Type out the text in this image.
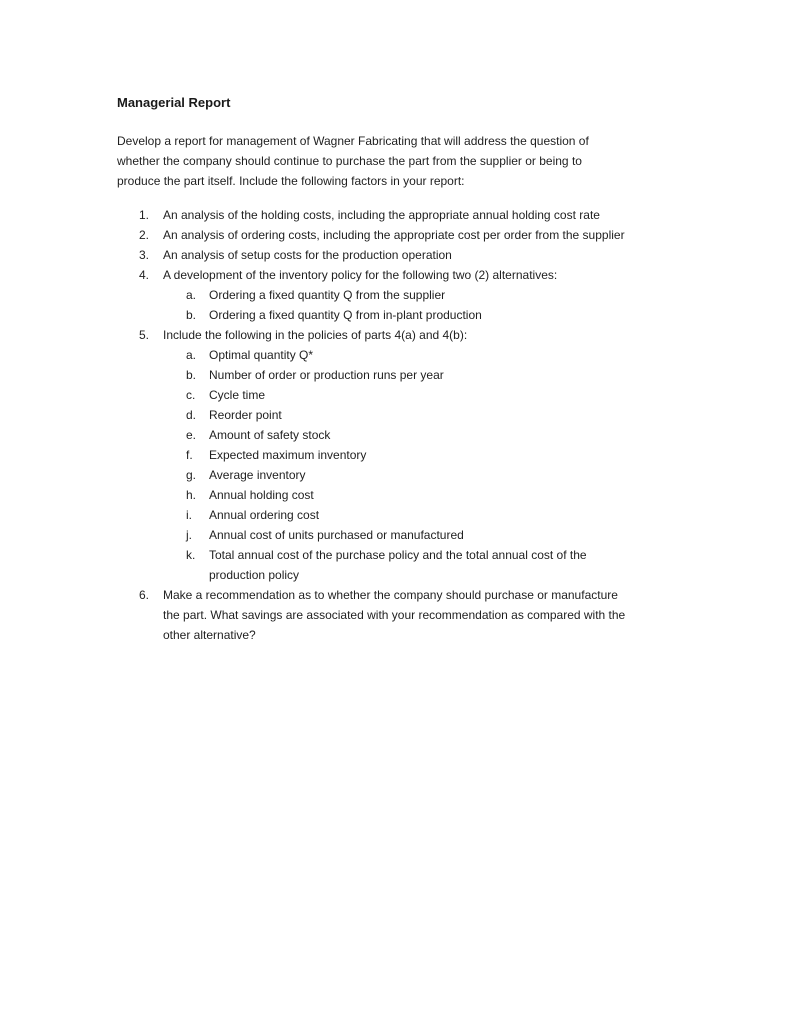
Managerial Report
Develop a report for management of Wagner Fabricating that will address the question of
whether the company should continue to purchase the part from the supplier or being to
produce the part itself. Include the following factors in your report:
1.	An analysis of the holding costs, including the appropriate annual holding cost rate
2.	An analysis of ordering costs, including the appropriate cost per order from the supplier
3.	An analysis of setup costs for the production operation
4.	A development of the inventory policy for the following two (2) alternatives:
a.	Ordering a fixed quantity Q from the supplier
b.	Ordering a fixed quantity Q from in-plant production
5.	Include the following in the policies of parts 4(a) and 4(b):
a.	Optimal quantity Q*
b.	Number of order or production runs per year
c.	Cycle time
d.	Reorder point
e.	Amount of safety stock
f.	Expected maximum inventory
g.	Average inventory
h.	Annual holding cost
i.	Annual ordering cost
j.	Annual cost of units purchased or manufactured
k.	Total annual cost of the purchase policy and the total annual cost of the
production policy
6.	Make a recommendation as to whether the company should purchase or manufacture
the part. What savings are associated with your recommendation as compared with the
other alternative?
